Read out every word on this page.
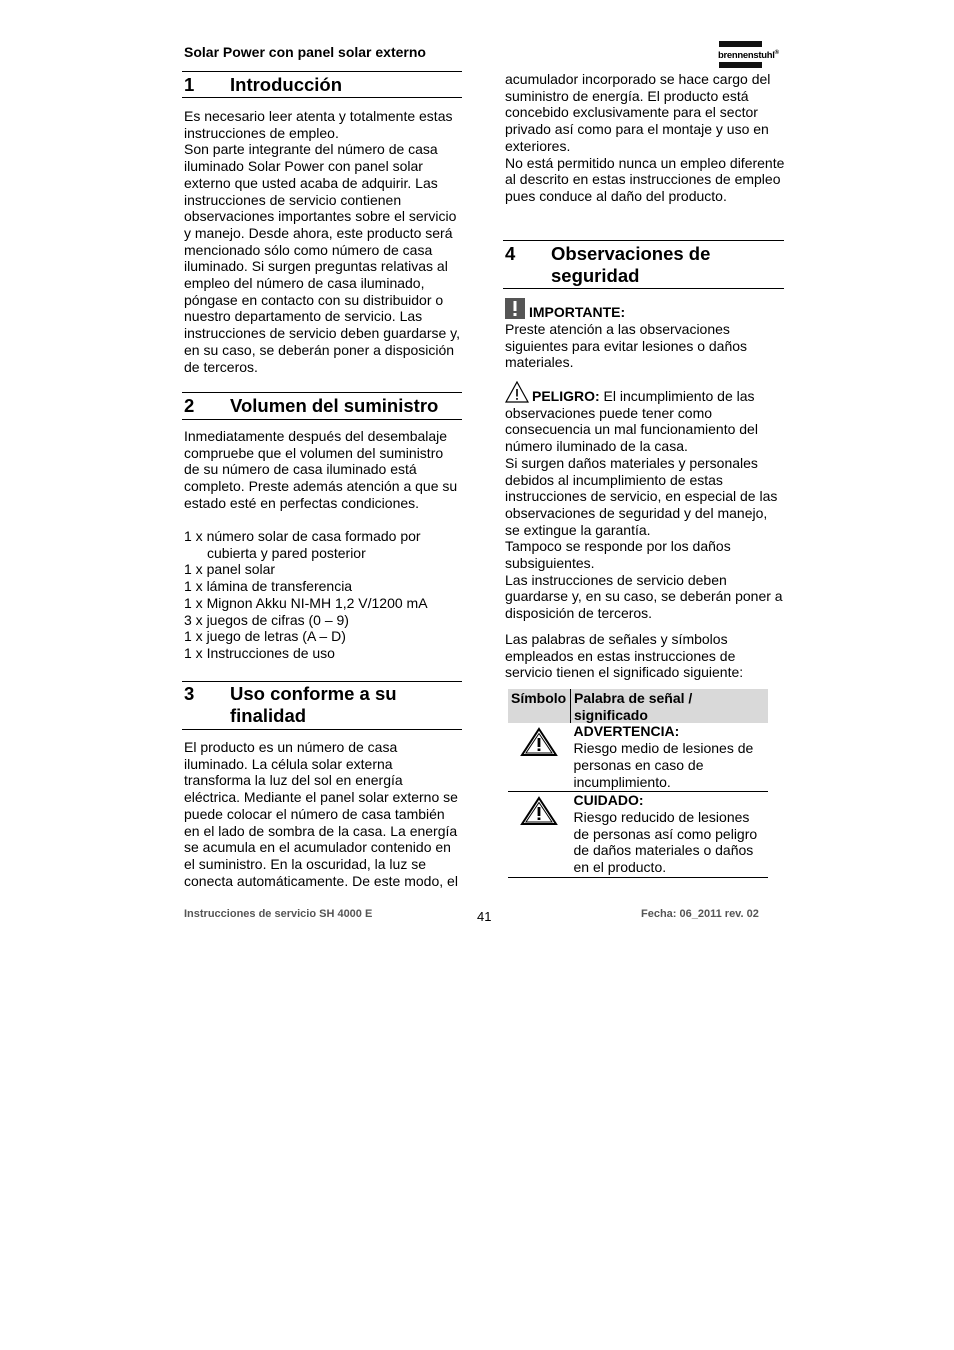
Solar Power con panel solar externo	brennenstuhl®
1 Introducción

Es necesario leer atenta y totalmente estas instrucciones de empleo.

Son parte integrante del número de casa iluminado Solar Power con panel solar externo que usted acaba de adquirir. Las instrucciones de servicio contienen observaciones importantes sobre el servicio y manejo. Desde ahora, este producto será mencionado sólo como número de casa iluminado. Si surgen preguntas relativas al empleo del número de casa iluminado, póngase en contacto con su distribuidor o nuestro departamento de servicio. Las instrucciones de servicio deben guardarse y, en su caso, se deberán poner a disposición de terceros.

2 Volumen del suministro

Inmediatamente después del desembalaje compruebe que el volumen del suministro de su número de casa iluminado está completo. Preste además atención a que su estado esté en perfectas condiciones.

1 x número solar de casa formado por cubierta y pared posterior

1 x panel solar

1 x lámina de transferencia

1 x Mignon Akku NI-MH 1,2 V/1200 mA

3 x juegos de cifras (0 – 9)

1 x juego de letras (A – D)

1 x Instrucciones de uso

3 Uso conforme a su
finalidad

El producto es un número de casa iluminado. La célula solar externa transforma la luz del sol en energía eléctrica. Mediante el panel solar externo se puede colocar el número de casa también en el lado de sombra de la casa. La energía se acumula en el acumulador contenido en el suministro. En la oscuridad, la luz se conecta automáticamente. De este modo, el

acumulador incorporado se hace cargo del suministro de energía. El producto está concebido exclusivamente para el sector privado así como para el montaje y uso en exteriores.

No está permitido nunca un empleo diferente al descrito en estas instrucciones de empleo pues conduce al daño del producto.

4 Observaciones de
seguridad
IMPORTANTE:

Preste atención a las observaciones siguientes para evitar lesiones o daños materiales.

PELIGRO: El incumplimiento de las observaciones puede tener como consecuencia un mal funcionamiento del número iluminado de la casa.

Si surgen daños materiales y personales debidos al incumplimiento de estas instrucciones de servicio, en especial de las observaciones de seguridad y del manejo, se extingue la garantía.

Tampoco se responde por los daños subsiguientes.

Las instrucciones de servicio deben guardarse y, en su caso, se deberán poner a disposición de terceros.

Las palabras de señales y símbolos empleados en estas instrucciones de servicio tienen el significado siguiente:

Símbolo	Palabra de señal / significado

ADVERTENCIA:
Riesgo medio de lesiones de personas en caso de incumplimiento.

CUIDADO:
Riesgo reducido de lesiones de personas así como peligro de daños materiales o daños en el producto.
Instrucciones de servicio SH 4000 E	41	Fecha: 06_2011 rev. 02
